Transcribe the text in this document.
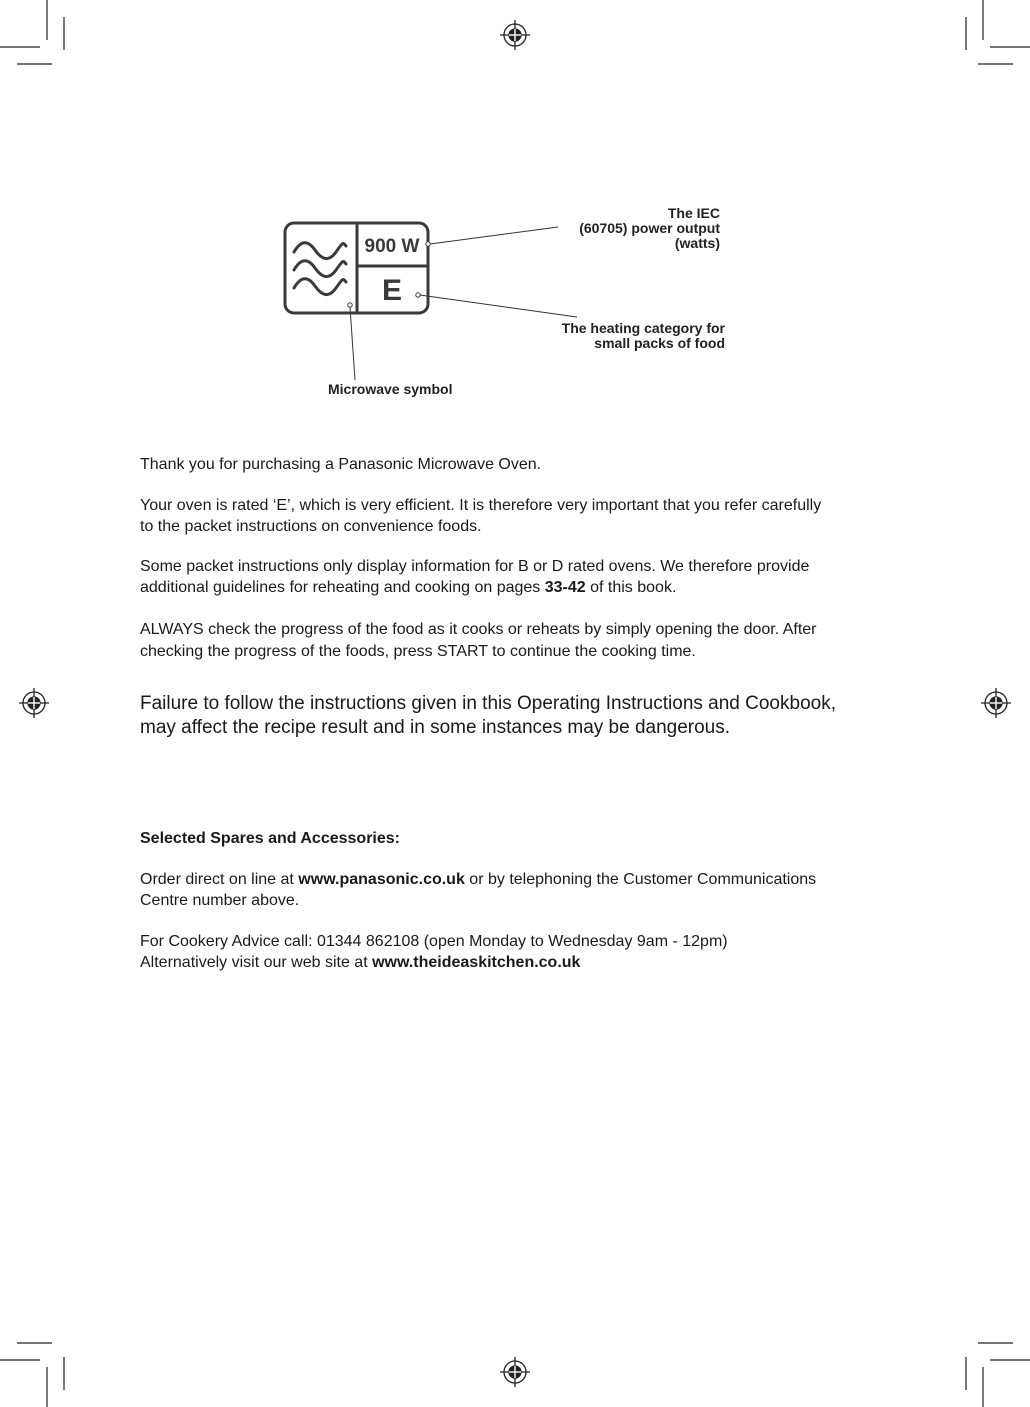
900 W
E
The IEC
(60705) power output
(watts)
The heating category for
small packs of food
Microwave symbol
Thank you for purchasing a Panasonic Microwave Oven.
Your oven is rated ‘E’, which is very efficient. It is therefore very important that you refer carefully
to the packet instructions on convenience foods.
Some packet instructions only display information for B or D rated ovens. We therefore provide
additional guidelines for reheating and cooking on pages 33-42 of this book.
ALWAYS check the progress of the food as it cooks or reheats by simply opening the door. After
checking the progress of the foods, press START to continue the cooking time.
Failure to follow the instructions given in this Operating Instructions and Cookbook,
may affect the recipe result and in some instances may be dangerous.
Selected Spares and Accessories:
Order direct on line at www.panasonic.co.uk or by telephoning the Customer Communications
Centre number above.
For Cookery Advice call: 01344 862108 (open Monday to Wednesday 9am - 12pm)
Alternatively visit our web site at www.theideaskitchen.co.uk
